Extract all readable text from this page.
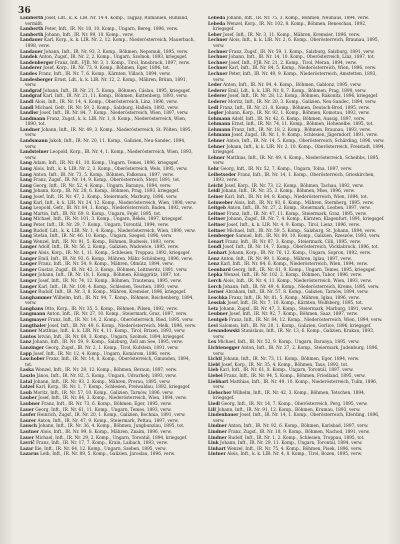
36

Lamberth Josef, Ldt., k. k. LIR. Nr. 14 4. Komp., Tagpay, Rumänien, Rußland, vermißt.

Lamberth Peter, Inft., IR. Nr. 18, 10. Komp., Ungarn, Bereg, 1896, verw.

Lamberth Johann, Inft., IR. Nr. 99, 10. Komp., verw.

Landauer Karl, Korp., k. k. LIR. Nr. 2, 12. Komp., Niederösterreich, Mauerbach, 1898, verw.

Landauer Johann, Inft., IR. Nr. 93, 3. Komp., Böhmen, Nepomuk, 1895, verw.

Landek Anton, Zugsf., IR. Nr. 2, 2. Komp., Ungarn, Szolnok, 1893, kriegsgef.

Landenberger Franz, Inft., FJB. Nr. 3, 1. Komp., Tirol, Innsbruck, 1897, verw.

Landerer Josef, Korp., IR. Nr. 73, 9. Komp., Böhmen, Eger, 1896, tot.

Landes Franz, Inft., IR. Nr. 7, 6. Komp., Kärnten, Villach, 1894, verw.

Landesberger Ernst, Ldt., k. k. LIR. Nr. 12, 2. Komp., Mähren, Brünn, 1891, verw.

Landgraf Johann, Inft., IR. Nr. 21, 5. Komp., Böhmen, Cáslau, 1895, kriegsgef.

Landgraf Karl, Inft., IR. Nr. 21, 11. Komp., Böhmen, Kuttenberg, 1893, verw.

Landl Alois, Inft., IR. Nr. 14, 4. Komp., Oberösterreich, Linz, 1896, verw.

Landl Michael, Gefr., IR. Nr. 59, 2. Komp., Salzburg, Hallein, 1892, verw.

Landler Josef, Inft., IR. Nr. 84, 7. Komp., Niederösterreich, Wien, 1897, verw.

Landmann Franz, Zugsf., k. k. LIR. Nr. 1, 8. Komp., Niederösterreich, Wien, 1890, tot.

Landner Johann, Inft., IR. Nr. 49, 3. Komp., Niederösterreich, St. Pölten, 1895, verw.

Landsmann Jakob, Inft., IR. Nr. 20, 11. Komp., Galizien, Neu-Sandec, 1894, verw.

Landsteiner Leopold, Korp., IR. Nr. 4, 1. Komp., Niederösterreich, Wien, 1893, verw.

Lang Adam, Inft., IR. Nr. 61, 10. Komp., Ungarn, Temes, 1896, kriegsgef.

Lang Alois, Inft., k. k. LIR. Nr. 2, 3. Komp., Oberösterreich, Wels, 1895, verw.

Lang Anton, Inft., IR. Nr. 73, 5. Komp., Böhmen, Falkenau, 1897, verw.

Lang Franz, Zugsf., IR. Nr. 14, 9. Komp., Oberösterreich, Steyr, 1891, tot.

Lang Georg, Inft., IR. Nr. 52, 4. Komp., Ungarn, Baranya, 1894, verw.

Lang Johann, Korp., IR. Nr. 28, 6. Komp., Böhmen, Prag, 1893, kriegsgef.

Lang Josef, Inft., IR. Nr. 47, 2. Komp., Steiermark, Marburg, 1896, verw.

Lang Karl, Inft., k. k. LIR. Nr. 24, 12. Komp., Niederösterreich, Wien, 1898, verw.

Lang Leopold, Gefr., IR. Nr. 84, 1. Komp., Niederösterreich, Baden, 1892, verw.

Lang Martin, Inft., IR. Nr. 69, 8. Komp., Ungarn, Fejér, 1895, tot.

Lang Michael, Inft., IR. Nr. 101, 3. Komp., Ungarn, Békés, 1897, kriegsgef.

Lang Peter, Inft., IR. Nr. 29, 7. Komp., Ungarn, Torontál, 1894, verw.

Lang Rudolf, Ldt., k. k. LIR. Nr. 1, 4. Komp., Niederösterreich, Wien, 1890, verw.

Lang Stefan, Inft., IR. Nr. 46, 10. Komp., Ungarn, Szeged, 1896, verw.

Lang Wenzel, Inft., IR. Nr. 91, 5. Komp., Böhmen, Budweis, 1893, verw.

Langer Adolf, Inft., IR. Nr. 56, 2. Komp., Galizien, Wadowice, 1895, verw.

Langer Alois, Korp., IR. Nr. 1, 11. Komp., Schlesien, Troppau, 1892, kriegsgef.

Langer Emil, Inft., IR. Nr. 93, 6. Komp., Mähren, Mähr.-Schönberg, 1896, verw.

Langer Franz, Inft., IR. Nr. 54, 9. Komp., Mähren, Olmütz, 1894, verw.

Langer Gustav, Zugsf., IR. Nr. 42, 3. Komp., Böhmen, Leitmeritz, 1891, verw.

Langer Johann, Inft., IR. Nr. 18, 1. Komp., Böhmen, Königgrätz, 1897, tot.

Langer Josef, Inft., IR. Nr. 74, 12. Komp., Böhmen, Trautenau, 1895, verw.

Langer Karl, Inft., IR. Nr. 100, 4. Komp., Schlesien, Teschen, 1893, verw.

Langer Rudolf, Inft., IR. Nr. 3, 8. Komp., Mähren, Kremsier, 1896, kriegsgef.

Langhammer Wilhelm, Inft., IR. Nr. 94, 7. Komp., Böhmen, Reichenberg, 1894, verw.

Langhans Otto, Korp., IR. Nr. 35, 5. Komp., Böhmen, Pilsen, 1892, verw.

Langmann Anton, Inft., IR. Nr. 27, 10. Komp., Steiermark, Graz, 1897, verw.

Langmayer Franz, Inft., IR. Nr. 14, 2. Komp., Oberösterreich, Ried, 1895, verw.

Langthaler Josef, Inft., IR. Nr. 49, 6. Komp., Niederösterreich, Melk, 1896, verw.

Lanner Matthias, Inft., k. k. LIR. Nr. 4, 11. Komp., Tirol, Brixen, 1893, verw.

Lantos István, Inft., IR. Nr. 68, 3. Komp., Ungarn, Szolnok, 1894, kriegsgef.

Lanz Johann, Inft., IR. Nr. 59, 9. Komp., Salzburg, Zell am See, 1895, verw.

Lanzinger Georg, Zugsf., IR. Nr. 2, 1. Komp., Tirol, Kufstein, 1891, verw.

Lapp Josef, Inft., IR. Nr. 12, 4. Komp., Ungarn, Komárom, 1896, verw.

Laschober Franz, Inft., IR. Nr. 14, 8. Komp., Oberösterreich, Gmunden, 1894, tot.

Laska Wenzel, Inft., IR. Nr. 28, 12. Komp., Böhmen, Beraun, 1897, verw.

Laszlo János, Inft., IR. Nr. 82, 5. Komp., Ungarn, Udvarhely, 1893, verw.

Latal Johann, Inft., IR. Nr. 93, 2. Komp., Mähren, Prerau, 1895, verw.

Latzel Karl, Korp., IR. Nr. 1, 7. Komp., Schlesien, Freiwaldau, 1892, kriegsgef.

Laub Moritz, Inft., IR. Nr. 57, 10. Komp., Galizien, Tarnów, 1896, verw.

Lauber Josef, Inft., IR. Nr. 84, 3. Komp., Niederösterreich, Wien, 1894, verw.

Laubner Franz, Inft., IR. Nr. 73, 6. Komp., Böhmen, Eger, 1895, verw.

Lauer Georg, Inft., IR. Nr. 61, 11. Komp., Ungarn, Temes, 1893, verw.

Laufer Heinrich, Zugsf., IR. Nr. 20, 1. Komp., Galizien, Bochnia, 1891, verw.

Laurer Anton, Inft., IR. Nr. 47, 9. Komp., Steiermark, Pettau, 1897, verw.

Lausch Johann, Inft., IR. Nr. 36, 4. Komp., Böhmen, Jungbunzlau, 1895, tot.

Lautner Alois, Inft., IR. Nr. 99, 8. Komp., Mähren, Znaim, 1896, verw.

Lauer Michael, Inft., IR. Nr. 29, 2. Komp., Ungarn, Torontál, 1894, kriegsgef.

Lavrič Franz, Inft., IR. Nr. 17, 7. Komp., Krain, Laibach, 1893, verw.

Lazar Ilie, Inft., IR. Nr. 64, 12. Komp., Ungarn, Szeben, 1895, verw.

Lazarus Leib, Inft., IR. Nr. 89, 5. Komp., Galizien, Jaroslau, 1896, verw.

Lebeda Johann, Inft., IR. Nr. 75, 3. Komp., Böhmen, Neuhaus, 1894, verw.

Lebeda Wenzel, Korp., IR. Nr. 102, 8. Komp., Böhmen, Beneschau, 1892, kriegsgef.

Leber Josef, Inft., IR. Nr. 3, 11. Komp., Mähren, Kremsier, 1896, verw.

Lechner Alois, Inft., k. k. LIR. Nr. 2, 6. Komp., Oberösterreich, Braunau, 1895, verw.

Lechner Franz, Zugsf., IR. Nr. 59, 1. Komp., Salzburg, Salzburg, 1891, verw.

Lechner Johann, Inft., IR. Nr. 14, 10. Komp., Oberösterreich, Linz, 1897, tot.

Lechner Josef, Inft., FJB. Nr. 21, 2. Komp., Tirol, Meran, 1894, verw.

Lechner Karl, Inft., IR. Nr. 84, 5. Komp., Niederösterreich, Wien, 1896, verw.

Lechner Peter, Inft., IR. Nr. 49, 9. Komp., Niederösterreich, Amstetten, 1893, verw.

Leder Anton, Inft., IR. Nr. 94, 4. Komp., Böhmen, Gablonz, 1895, verw.

Lederer Emil, Ldt., k. k. LIR. Nr. 8, 7. Komp., Böhmen, Prag, 1890, verw.

Lederer Josef, Inft., IR. Nr. 28, 12. Komp., Böhmen, Rakonitz, 1896, kriegsgef.

Lederer Moritz, Inft., IR. Nr. 20, 3. Komp., Galizien, Neu-Sandec, 1894, verw.

Ledl Franz, Inft., IR. Nr. 21, 8. Komp., Böhmen, Deutsch-Brod, 1895, verw.

Legler Johann, Korp., IR. Nr. 92, 1. Komp., Böhmen, Komotau, 1892, verw.

Lehmann Adolf, Inft., IR. Nr. 42, 6. Komp., Böhmen, Aussig, 1897, verw.

Lehmann Ernst, Inft., IR. Nr. 74, 11. Komp., Böhmen, Hohenelbe, 1895, tot.

Lehmann Franz, Inft., IR. Nr. 18, 2. Komp., Böhmen, Braunau, 1893, verw.

Lehmann Josef, Zugsf., IR. Nr. 1, 9. Komp., Schlesien, Jägerndorf, 1891, verw.

Lehner Anton, Inft., IR. Nr. 14, 5. Komp., Oberösterreich, Schärding, 1896, verw.

Lehner Johann, Inft., k. k. LIR. Nr. 2, 10. Komp., Oberösterreich, Freistadt, 1894, kriegsgef.

Lehner Matthias, Inft., IR. Nr. 49, 4. Komp., Niederösterreich, Scheibbs, 1895, verw.

Lehr Georg, Inft., IR. Nr. 52, 7. Komp., Ungarn, Tolna, 1897, verw.

Leibetseder Franz, Inft., IR. Nr. 14, 1. Komp., Oberösterreich, Grieskirchen, 1893, verw.

Leicht Josef, Korp., IR. Nr. 73, 12. Komp., Böhmen, Tachau, 1892, verw.

Leidl Johann, Inft., IR. Nr. 35, 3. Komp., Böhmen, Mies, 1896, verw.

Leiner Karl, Inft., IR. Nr. 84, 8. Komp., Niederösterreich, Wien, 1894, tot.

Leinweber Alois, Inft., IR. Nr. 93, 6. Komp., Mähren, Sternberg, 1895, verw.

Leitgeb Anton, Inft., IR. Nr. 27, 2. Komp., Steiermark, Leoben, 1897, verw.

Leitner Franz, Inft., IR. Nr. 47, 11. Komp., Steiermark, Graz, 1895, verw.

Leitner Johann, Zugsf., IR. Nr. 7, 4. Komp., Kärnten, Klagenfurt, 1891, kriegsgef.

Leitner Josef, Inft., k. k. LIR. Nr. 4, 9. Komp., Tirol, Lienz, 1896, verw.

Leitner Michael, Inft., IR. Nr. 59, 5. Komp., Salzburg, St. Johann, 1894, verw.

Lemberger Samuel, Inft., IR. Nr. 89, 10. Komp., Galizien, Rzeszów, 1893, verw.

Lenart Franz, Inft., IR. Nr. 87, 3. Komp., Steiermark, Cilli, 1895, verw.

Lendl Josef, Inft., IR. Nr. 14, 7. Komp., Oberösterreich, Vöcklabruck, 1896, tot.

Lenhart Johann, Korp., IR. Nr. 76, 12. Komp., Ungarn, Sopron, 1892, verw.

Lenz Anton, Inft., IR. Nr. 99, 1. Komp., Mähren, Iglau, 1897, verw.

Lenz Karl, Inft., IR. Nr. 84, 6. Komp., Niederösterreich, Wien, 1894, verw.

Leonhard Georg, Inft., IR. Nr. 61, 9. Komp., Ungarn, Temes, 1895, kriegsgef.

Lepka Wenzel, Inft., IR. Nr. 102, 2. Komp., Böhmen, Tabor, 1896, verw.

Lerch Alois, Inft., IR. Nr. 4, 11. Komp., Niederösterreich, Wien, 1893, verw.

Lerch Johann, Inft., IR. Nr. 49, 4. Komp., Niederösterreich, Krems, 1895, verw.

Lerner Abraham, Inft., IR. Nr. 57, 8. Komp., Galizien, Tarnów, 1894, verw.

Leschka Franz, Inft., IR. Nr. 81, 5. Komp., Mähren, Iglau, 1896, verw.

Lessiak Josef, Inft., IR. Nr. 7, 10. Komp., Kärnten, Wolfsberg, 1895, tot.

Letz Johann, Zugsf., IR. Nr. 47, 3. Komp., Steiermark, Marburg, 1891, verw.

Leubner Josef, Inft., IR. Nr. 92, 7. Komp., Böhmen, Saaz, 1897, verw.

Leutgeb Franz, Inft., IR. Nr. 84, 12. Komp., Niederösterreich, Wien, 1894, verw.

Levi Salomon, Inft., IR. Nr. 20, 1. Komp., Galizien, Gorlice, 1896, kriegsgef.

Lewandowski Stanislaus, Inft., IR. Nr. 13, 6. Komp., Galizien, Krakau, 1893, verw.

Lex Michael, Inft., IR. Nr. 52, 9. Komp., Ungarn, Baranya, 1895, verw.

Lichtenegger Anton, Inft., IR. Nr. 27, 2. Komp., Steiermark, Judenburg, 1896, verw.

Lichtl Johann, Inft., IR. Nr. 73, 11. Komp., Böhmen, Eger, 1894, verw.

Liebl Josef, Korp., IR. Nr. 35, 4. Komp., Böhmen, Taus, 1892, tot.

Lieb Karl, Inft., IR. Nr. 61, 8. Komp., Ungarn, Torontál, 1897, verw.

Liebel Franz, Inft., IR. Nr. 94, 5. Komp., Böhmen, Friedland, 1895, verw.

Liebhart Matthias, Inft., IR. Nr. 49, 10. Komp., Niederösterreich, Tulln, 1896, verw.

Liebscher Wilhelm, Inft., IR. Nr. 42, 3. Komp., Böhmen, Tetschen, 1894, kriegsgef.

Liedl Georg, Inft., IR. Nr. 14, 7. Komp., Oberösterreich, Perg, 1895, verw.

Lill Johann, Inft., IR. Nr. 91, 12. Komp., Böhmen, Krumau, 1893, verw.

Lindenbauer Josef, Inft., IR. Nr. 14, 1. Komp., Oberösterreich, Eferding, 1896, verw.

Lindner Anton, Inft., IR. Nr. 92, 6. Komp., Böhmen, Karlsbad, 1897, verw.

Lindner Franz, Zugsf., IR. Nr. 18, 9. Komp., Böhmen, Nachod, 1891, verw.

Lindner Rudolf, Inft., IR. Nr. 1, 2. Komp., Schlesien, Troppau, 1895, tot.

Link Johann, Inft., IR. Nr. 29, 11. Komp., Ungarn, Torontál, 1894, verw.

Linhart Wenzel, Inft., IR. Nr. 75, 4. Komp., Böhmen, Pisek, 1896, verw.

Lintner Alois, Inft., k. k. LIR. Nr. 4, 8. Komp., Tirol, Bozen, 1895, verw.
